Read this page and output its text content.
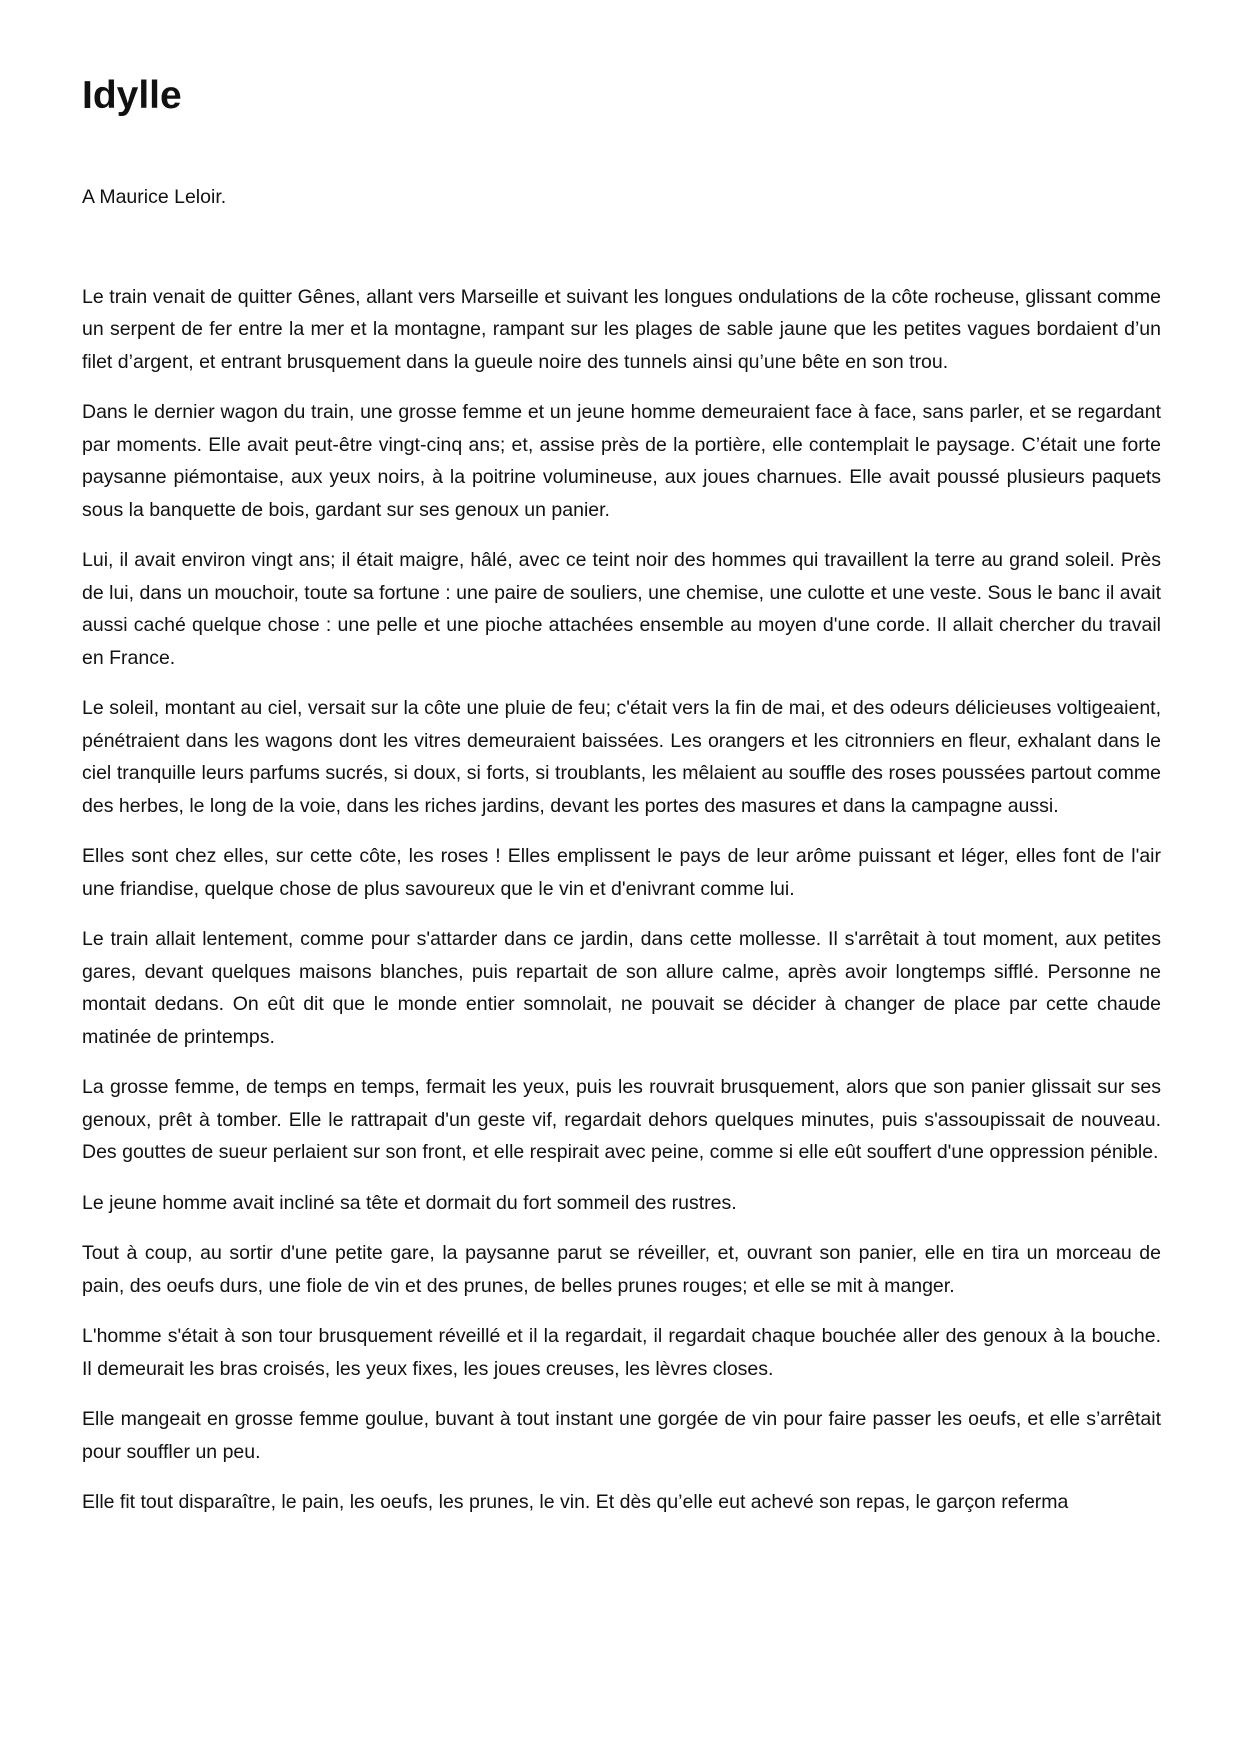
Idylle

A Maurice Leloir.

Le train venait de quitter Gênes, allant vers Marseille et suivant les longues ondulations de la côte rocheuse, glissant comme un serpent de fer entre la mer et la montagne, rampant sur les plages de sable jaune que les petites vagues bordaient d’un filet d’argent, et entrant brusquement dans la gueule noire des tunnels ainsi qu’une bête en son trou.

Dans le dernier wagon du train, une grosse femme et un jeune homme demeuraient face à face, sans parler, et se regardant par moments. Elle avait peut-être vingt-cinq ans; et, assise près de la portière, elle contemplait le paysage. C’était une forte paysanne piémontaise, aux yeux noirs, à la poitrine volumineuse, aux joues charnues. Elle avait poussé plusieurs paquets sous la banquette de bois, gardant sur ses genoux un panier.

Lui, il avait environ vingt ans; il était maigre, hâlé, avec ce teint noir des hommes qui travaillent la terre au grand soleil. Près de lui, dans un mouchoir, toute sa fortune : une paire de souliers, une chemise, une culotte et une veste. Sous le banc il avait aussi caché quelque chose : une pelle et une pioche attachées ensemble au moyen d'une corde. Il allait chercher du travail en France.

Le soleil, montant au ciel, versait sur la côte une pluie de feu; c'était vers la fin de mai, et des odeurs délicieuses voltigeaient, pénétraient dans les wagons dont les vitres demeuraient baissées. Les orangers et les citronniers en fleur, exhalant dans le ciel tranquille leurs parfums sucrés, si doux, si forts, si troublants, les mêlaient au souffle des roses poussées partout comme des herbes, le long de la voie, dans les riches jardins, devant les portes des masures et dans la campagne aussi.

Elles sont chez elles, sur cette côte, les roses ! Elles emplissent le pays de leur arôme puissant et léger, elles font de l'air une friandise, quelque chose de plus savoureux que le vin et d'enivrant comme lui.

Le train allait lentement, comme pour s'attarder dans ce jardin, dans cette mollesse. Il s'arrêtait à tout moment, aux petites gares, devant quelques maisons blanches, puis repartait de son allure calme, après avoir longtemps sifflé. Personne ne montait dedans. On eût dit que le monde entier somnolait, ne pouvait se décider à changer de place par cette chaude matinée de printemps.

La grosse femme, de temps en temps, fermait les yeux, puis les rouvrait brusquement, alors que son panier glissait sur ses genoux, prêt à tomber. Elle le rattrapait d'un geste vif, regardait dehors quelques minutes, puis s'assoupissait de nouveau. Des gouttes de sueur perlaient sur son front, et elle respirait avec peine, comme si elle eût souffert d'une oppression pénible.

Le jeune homme avait incliné sa tête et dormait du fort sommeil des rustres.

Tout à coup, au sortir d'une petite gare, la paysanne parut se réveiller, et, ouvrant son panier, elle en tira un morceau de pain, des oeufs durs, une fiole de vin et des prunes, de belles prunes rouges; et elle se mit à manger.

L'homme s'était à son tour brusquement réveillé et il la regardait, il regardait chaque bouchée aller des genoux à la bouche. Il demeurait les bras croisés, les yeux fixes, les joues creuses, les lèvres closes.

Elle mangeait en grosse femme goulue, buvant à tout instant une gorgée de vin pour faire passer les oeufs, et elle s’arrêtait pour souffler un peu.

Elle fit tout disparaître, le pain, les oeufs, les prunes, le vin. Et dès qu’elle eut achevé son repas, le garçon referma
